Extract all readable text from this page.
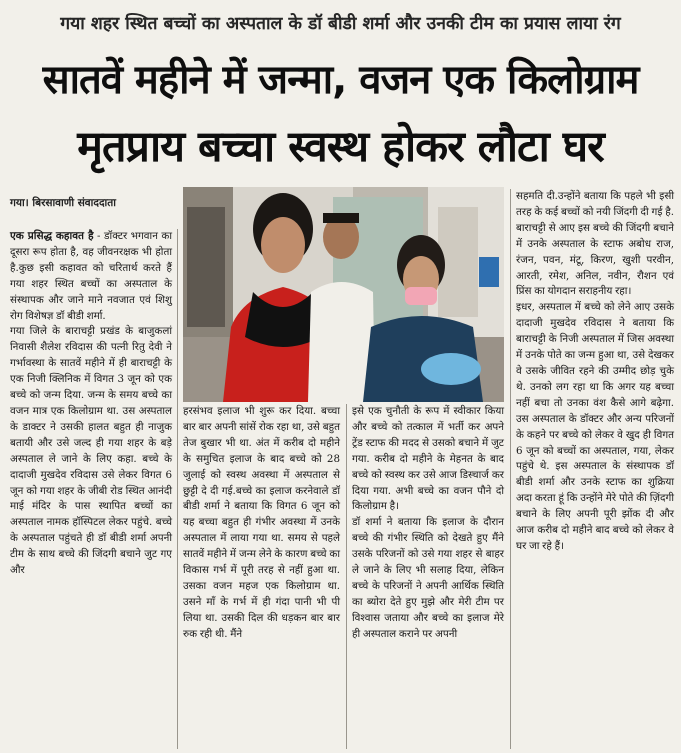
गया शहर स्थित बच्चों का अस्पताल के डॉ बीडी शर्मा और उनकी टीम का प्रयास लाया रंग
सातवें महीने में जन्मा, वजन एक किलोग्राम
मृतप्राय बच्चा स्वस्थ होकर लौटा घर
गया। बिरसावाणी संवाददाता

एक प्रसिद्ध कहावत है - डॉक्टर भगवान का दूसरा रूप होता है, वह जीवनरक्षक भी होता है.कुछ इसी कहावत को चरितार्थ करते हैं गया शहर स्थित बच्चों का अस्पताल के संस्थापक और जाने माने नवजात एवं शिशु रोग विशेषज्ञ डॉ बीडी शर्मा.

गया जिले के बाराचट्टी प्रखंड के बाजुकलां निवासी शैलेश रविदास की पत्नी रितु देवी ने गर्भावस्था के सातवें महीने में ही बाराचट्टी के एक निजी क्लिनिक में विगत 3 जून को एक बच्चे को जन्म दिया. जन्म के समय बच्चे का वजन मात्र एक किलोग्राम था. उस अस्पताल के डाक्टर ने उसकी हालत बहुत ही नाजुक बतायी और उसे जल्द ही गया शहर के बड़े अस्पताल ले जाने के लिए कहा. बच्चे के दादाजी मुखदेव रविदास उसे लेकर विगत 6 जून को गया शहर के जीबी रोड स्थित आनंदी माई मंदिर के पास स्थापित बच्चों का अस्पताल नामक हॉस्पिटल लेकर पहुंचे. बच्चे के अस्पताल पहुंचते ही डॉ बीडी शर्मा अपनी टीम के साथ बच्चे की जिंदगी बचाने जुट गए और

हरसंभव इलाज भी शुरू कर दिया. बच्चा बार बार अपनी सांसें रोक रहा था, उसे बहुत तेज बुखार भी था. अंत में करीब दो महीने के समुचित इलाज के बाद बच्चे को 28 जुलाई को स्वस्थ अवस्था में अस्पताल से छुट्टी दे दी गई.बच्चे का इलाज करनेवाले डॉ बीडी शर्मा ने बताया कि विगत 6 जून को यह बच्चा बहुत ही गंभीर अवस्था में उनके अस्पताल में लाया गया था. समय से पहले सातवें महीने में जन्म लेने के कारण बच्चे का विकास गर्भ में पूरी तरह से नहीं हुआ था. उसका वजन महज एक किलोग्राम था. उसने माँ के गर्भ में ही गंदा पानी भी पी लिया था. उसकी दिल की धड़कन बार बार रुक रही थी. मैंने

इसे एक चुनौती के रूप में स्वीकार किया और बच्चे को तत्काल में भर्ती कर अपने ट्रेंड स्टाफ की मदद से उसको बचाने में जुट गया. करीब दो महीने के मेहनत के बाद बच्चे को स्वस्थ कर उसे आज डिस्चार्ज कर दिया गया. अभी बच्चे का वजन पौने दो किलोग्राम है।

डॉ शर्मा ने बताया कि इलाज के दौरान बच्चे की गंभीर स्थिति को देखते हुए मैंने उसके परिजनों को उसे गया शहर से बाहर ले जाने के लिए भी सलाह दिया, लेकिन बच्चे के परिजनों ने अपनी आर्थिक स्थिति का ब्योरा देते हुए मुझे और मेरी टीम पर विश्वास जताया और बच्चे का इलाज मेरे ही अस्पताल कराने पर अपनी

सहमति दी.उन्होंने बताया कि पहले भी इसी तरह के कई बच्चों को नयी जिंदगी दी गई है. बाराचट्टी से आए इस बच्चे की जिंदगी बचाने में उनके अस्पताल के स्टाफ अबोध राज, रंजन, पवन, मंटू, किरण, खुशी परवीन, आरती, रमेश, अनिल, नवीन, रौशन एवं प्रिंस का योगदान सराहनीय रहा।

इधर, अस्पताल में बच्चे को लेने आए उसके दादाजी मुखदेव रविदास ने बताया कि बाराचट्टी के निजी अस्पताल में जिस अवस्था में उनके पोते का जन्म हुआ था, उसे देखकर वे उसके जीवित रहने की उम्मीद छोड़ चुके थे. उनको लग रहा था कि अगर यह बच्चा नहीं बचा तो उनका वंश कैसे आगे बढ़ेगा. उस अस्पताल के डॉक्टर और अन्य परिजनों के कहने पर बच्चे को लेकर वे खुद ही विगत 6 जून को बच्चों का अस्पताल, गया, लेकर पहुंचे थे. इस अस्पताल के संस्थापक डॉ बीडी शर्मा और उनके स्टाफ का शुक्रिया अदा करता हूं कि उन्होंने मेरे पोते की ज़िंदगी बचाने के लिए अपनी पूरी झोंक दी और आज करीब दो महीने बाद बच्चे को लेकर वे घर जा रहे हैं।
